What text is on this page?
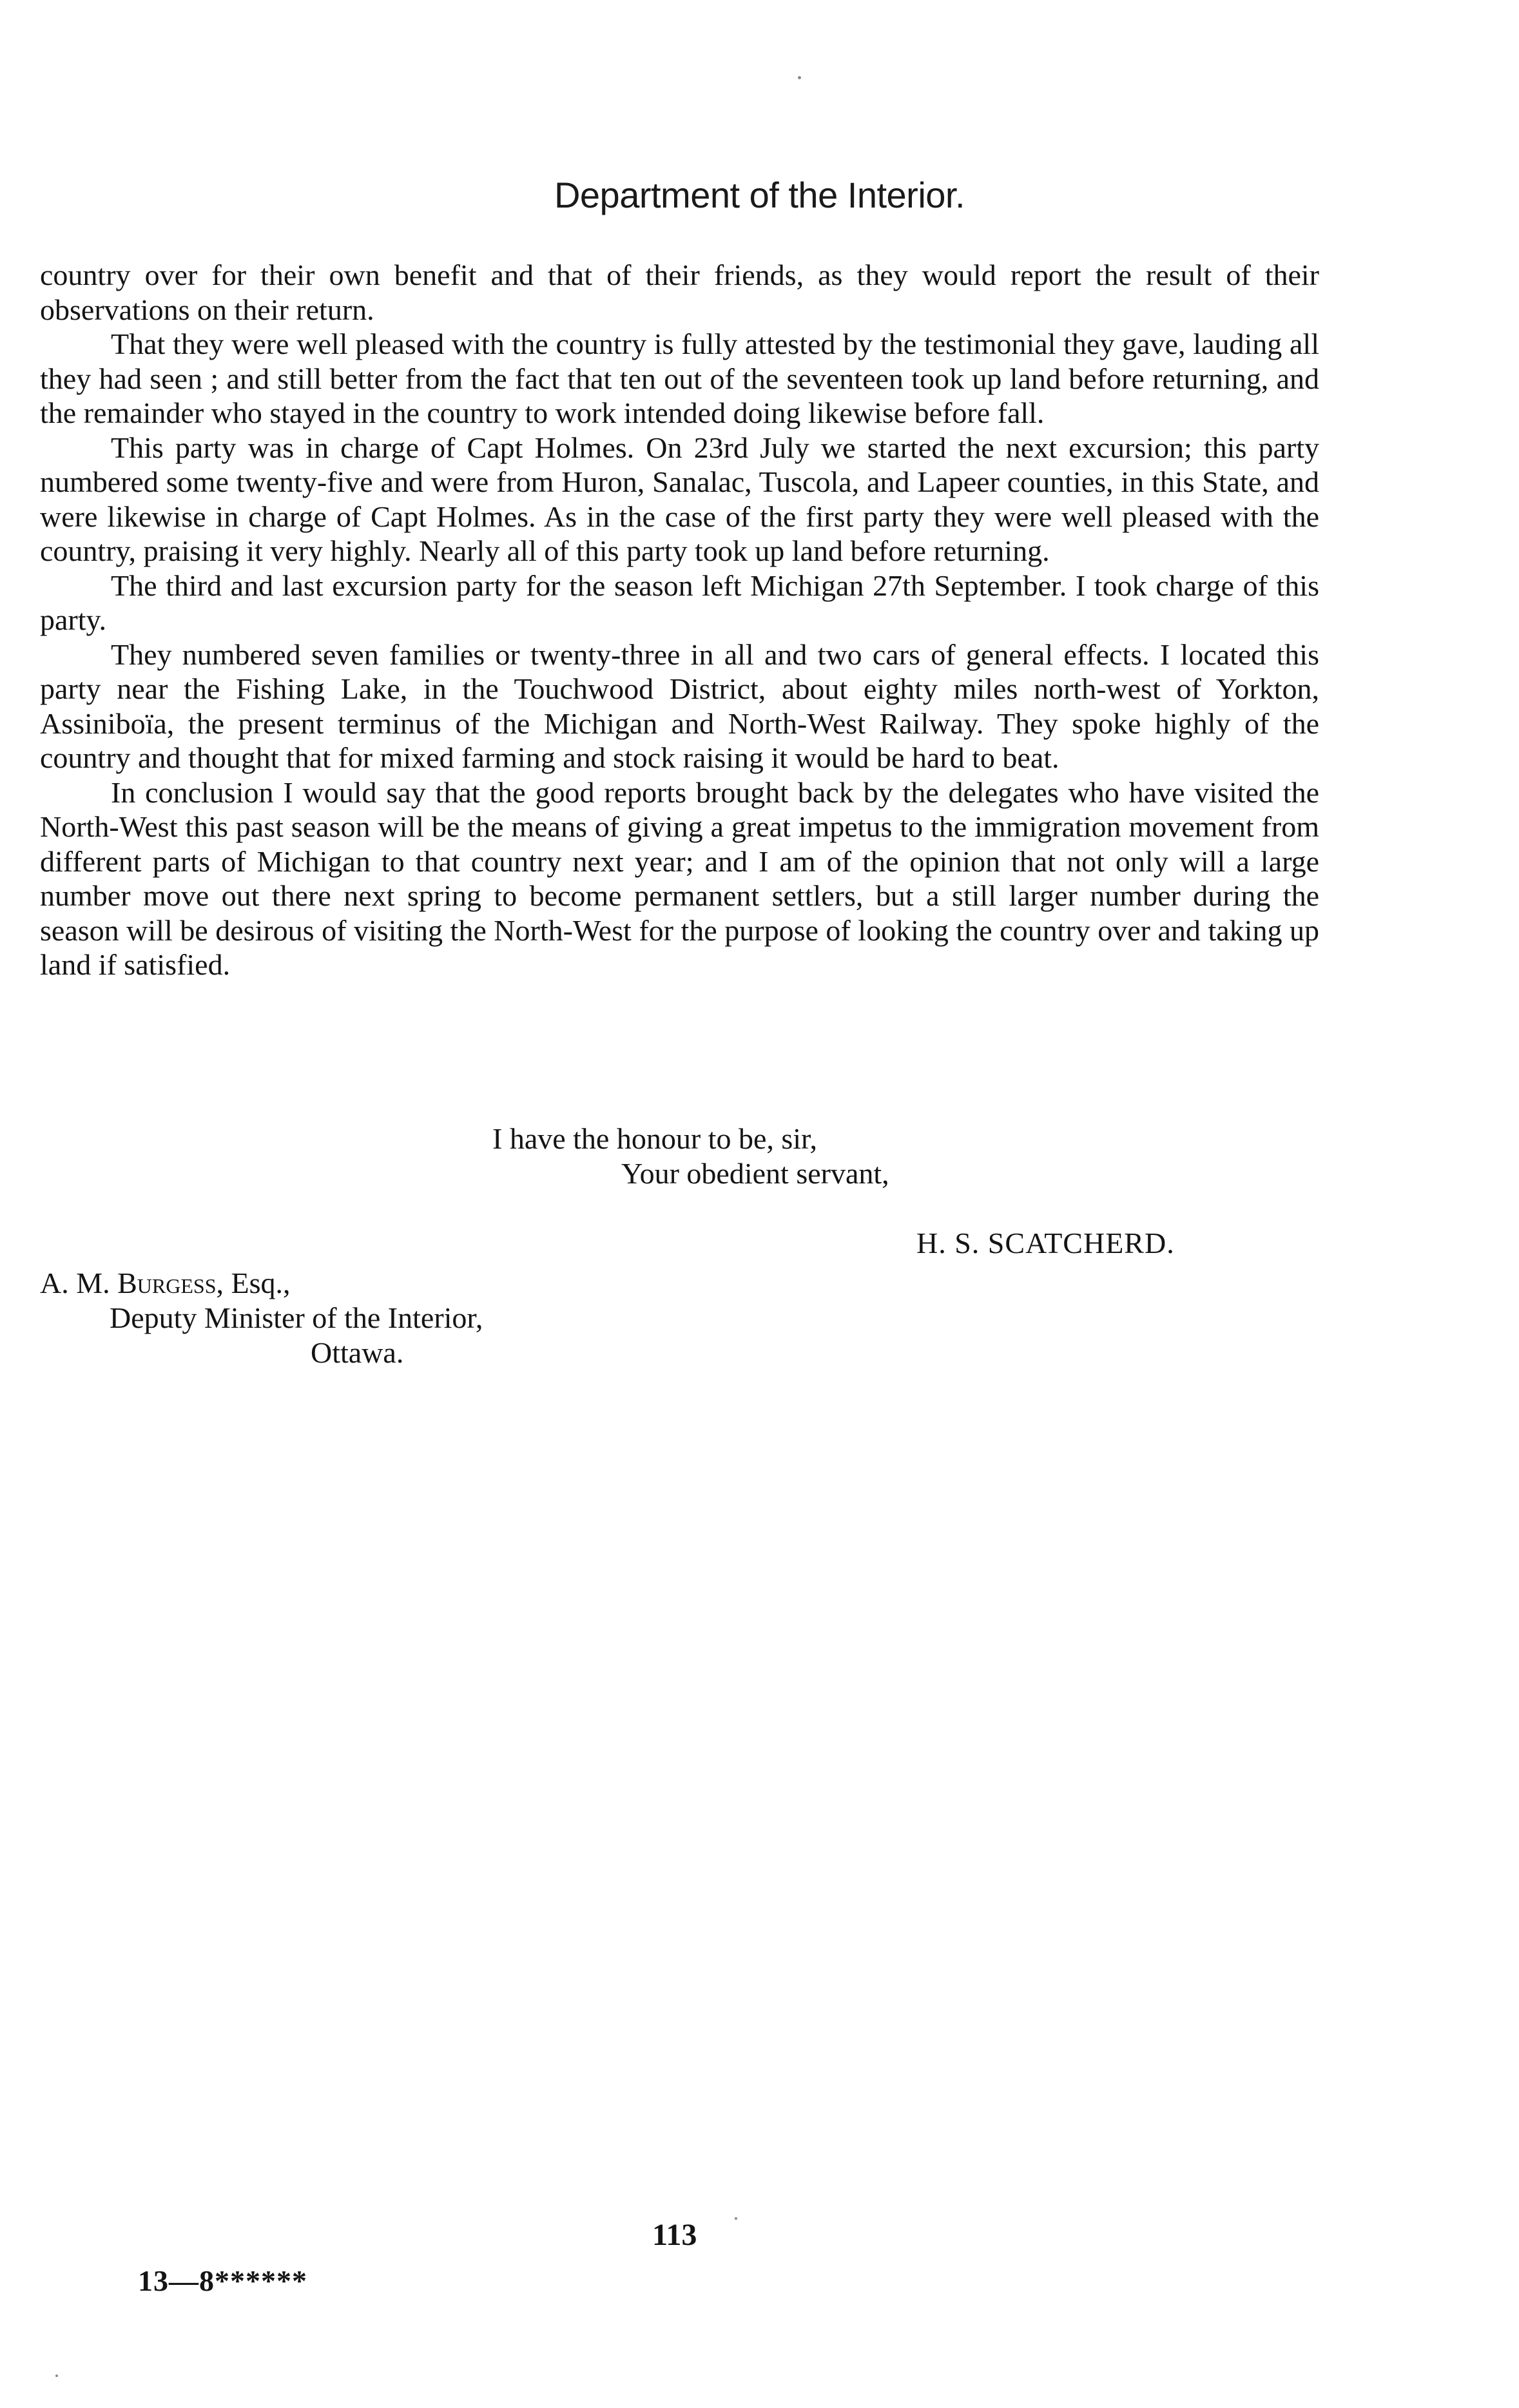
Department of the Interior.

country over for their own benefit and that of their friends, as they would report the result of their observations on their return.

That they were well pleased with the country is fully attested by the testimonial they gave, lauding all they had seen ; and still better from the fact that ten out of the seventeen took up land before returning, and the remainder who stayed in the country to work intended doing likewise before fall.

This party was in charge of Capt Holmes. On 23rd July we started the next excursion; this party numbered some twenty-five and were from Huron, Sanalac, Tuscola, and Lapeer counties, in this State, and were likewise in charge of Capt Holmes. As in the case of the first party they were well pleased with the country, praising it very highly. Nearly all of this party took up land before returning.

The third and last excursion party for the season left Michigan 27th September. I took charge of this party.

They numbered seven families or twenty-three in all and two cars of general effects. I located this party near the Fishing Lake, in the Touchwood District, about eighty miles north-west of Yorkton, Assiniboïa, the present terminus of the Michigan and North-West Railway. They spoke highly of the country and thought that for mixed farming and stock raising it would be hard to beat.

In conclusion I would say that the good reports brought back by the delegates who have visited the North-West this past season will be the means of giving a great impetus to the immigration movement from different parts of Michigan to that country next year; and I am of the opinion that not only will a large number move out there next spring to become permanent settlers, but a still larger number during the season will be desirous of visiting the North-West for the purpose of looking the country over and taking up land if satisfied.

I have the honour to be, sir,
Your obedient servant,
H. S. SCATCHERD.
A. M. Burgess, Esq.,
Deputy Minister of the Interior,
Ottawa.
113
13—8******
